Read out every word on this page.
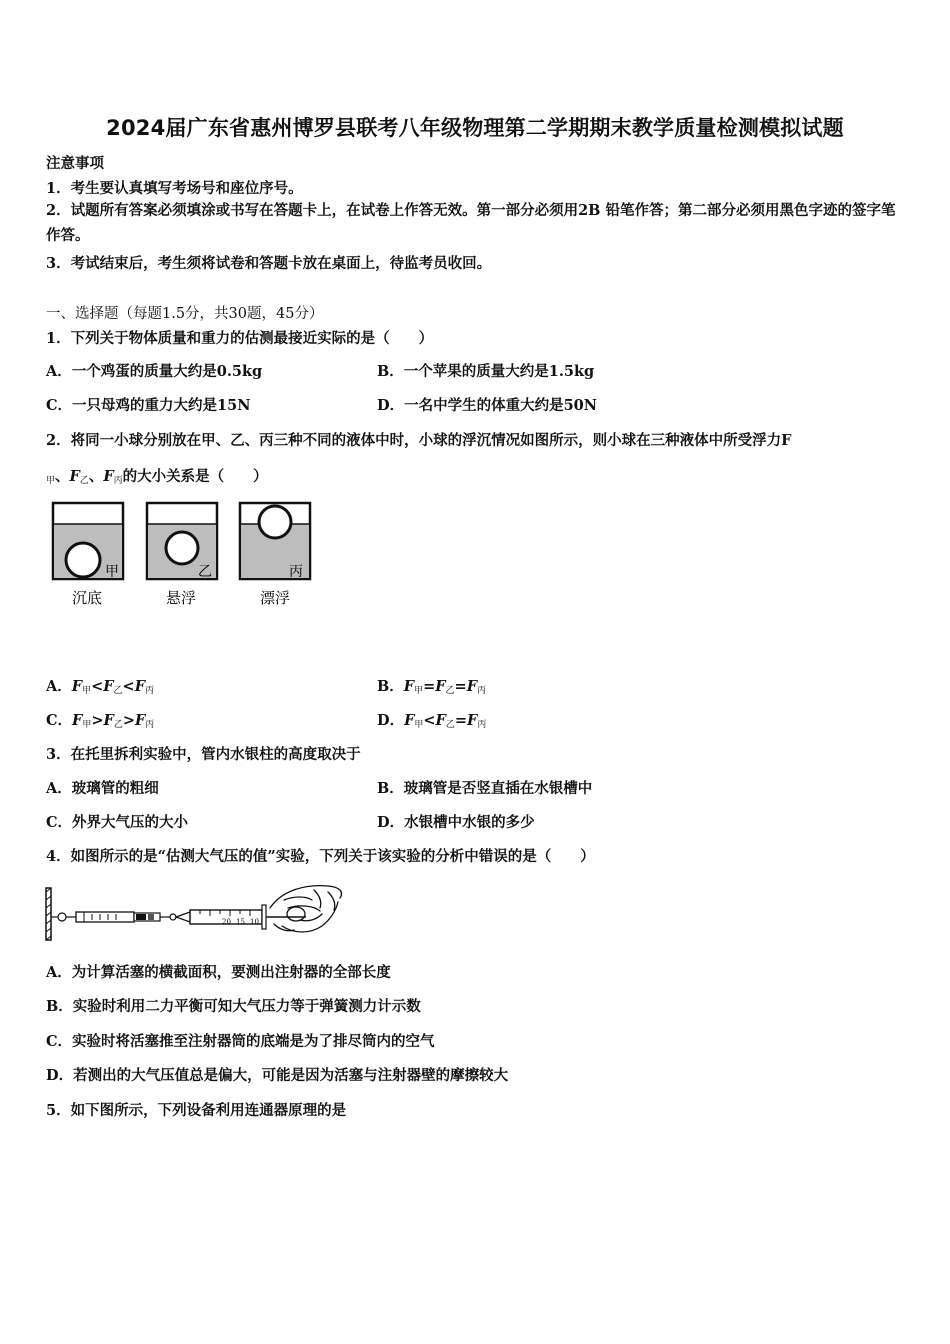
2024届广东省惠州博罗县联考八年级物理第二学期期末教学质量检测模拟试题
注意事项
1．考生要认真填写考场号和座位序号。
2．试题所有答案必须填涂或书写在答题卡上，在试卷上作答无效。第一部分必须用2B 铅笔作答；第二部分必须用黑色字迹的签字笔作答。
3．考试结束后，考生须将试卷和答题卡放在桌面上，待监考员收回。
一、选择题（每题1.5分，共30题，45分）
1．下列关于物体质量和重力的估测最接近实际的是（　　）
A．一个鸡蛋的质量大约是0.5kg	B．一个苹果的质量大约是1.5kg
C．一只母鸡的重力大约是15N	D．一名中学生的体重大约是50N
2．将同一小球分别放在甲、乙、丙三种不同的液体中时，小球的浮沉情况如图所示，则小球在三种液体中所受浮力F
$_甲$、$F_乙$、$F_丙$的大小关系是（　　）
甲	乙	丙
沉底	悬浮	漂浮
A．$F_甲<F_乙<F_丙$	B．$F_甲=F_乙=F_丙$
C．$F_甲>F_乙>F_丙$	D．$F_甲<F_乙=F_丙$
3．在托里拆利实验中，管内水银柱的高度取决于
A．玻璃管的粗细	B．玻璃管是否竖直插在水银槽中
C．外界大气压的大小	D．水银槽中水银的多少
4．如图所示的是“估测大气压的值”实验，下列关于该实验的分析中错误的是（　　）
20 15 10
A．为计算活塞的横截面积，要测出注射器的全部长度
B．实验时利用二力平衡可知大气压力等于弹簧测力计示数
C．实验时将活塞推至注射器筒的底端是为了排尽筒内的空气
D．若测出的大气压值总是偏大，可能是因为活塞与注射器壁的摩擦较大
5．如下图所示，下列设备利用连通器原理的是
